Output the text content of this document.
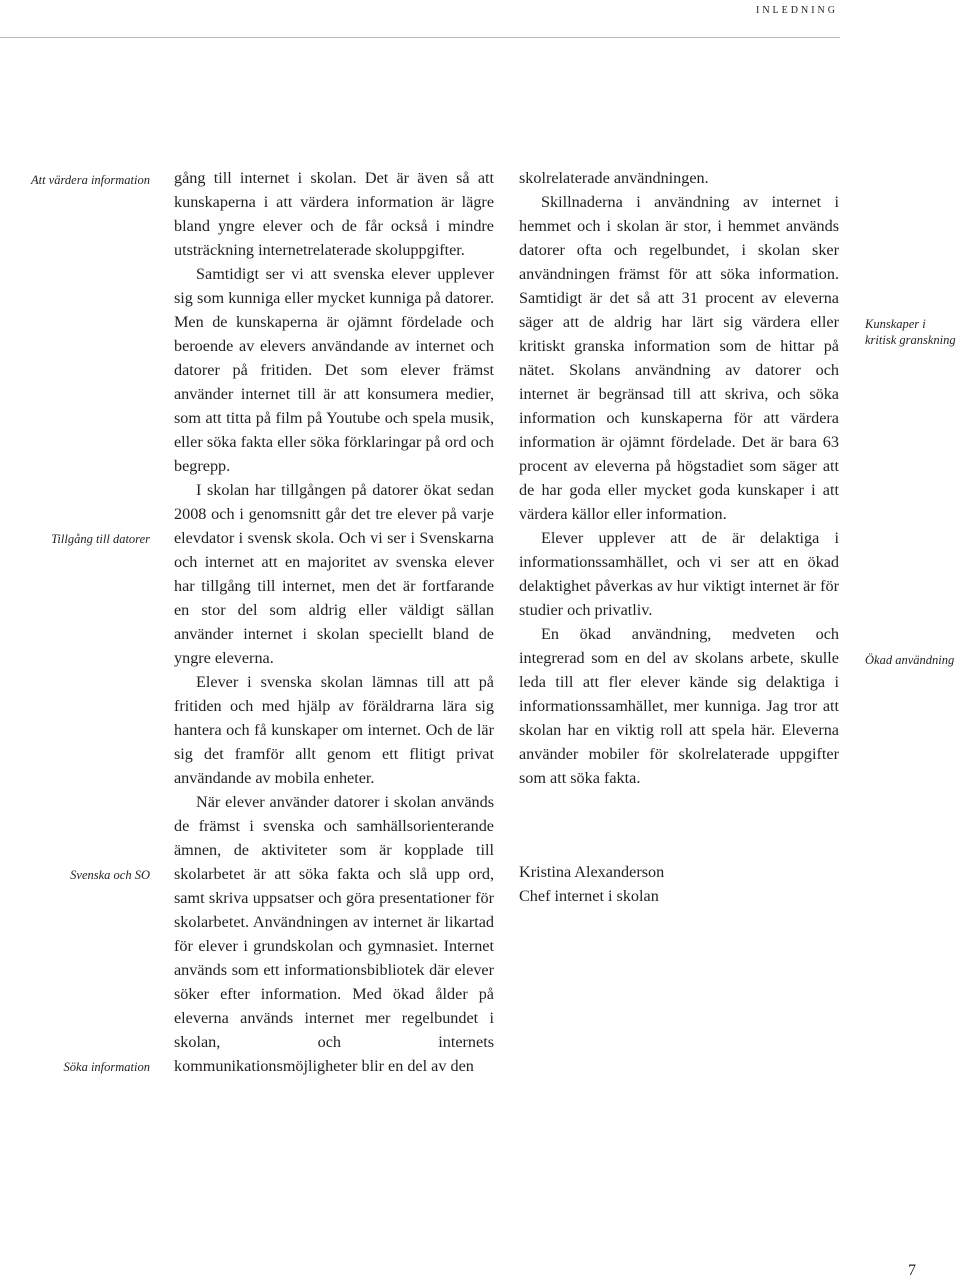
inledning
Att värdera information
Tillgång till datorer
Svenska och SO
Söka information
Kunskaper i kritisk granskning
Ökad användning

gång till internet i skolan. Det är även så att kunskaperna i att värdera information är lägre bland yngre elever och de får också i mindre utsträckning internetrelaterade skoluppgifter.

Samtidigt ser vi att svenska elever upplever sig som kunniga eller mycket kunniga på datorer. Men de kunskaperna är ojämnt fördelade och beroende av elevers användande av internet och datorer på fritiden. Det som elever främst använder internet till är att konsumera medier, som att titta på film på Youtube och spela musik, eller söka fakta eller söka förklaringar på ord och begrepp.

I skolan har tillgången på datorer ökat sedan 2008 och i genomsnitt går det tre elever på varje elevdator i svensk skola. Och vi ser i Svenskarna och internet att en majoritet av svenska elever har tillgång till internet, men det är fortfarande en stor del som aldrig eller väldigt sällan använder internet i skolan speciellt bland de yngre eleverna.

Elever i svenska skolan lämnas till att på fritiden och med hjälp av föräldrarna lära sig hantera och få kunskaper om internet. Och de lär sig det framför allt genom ett flitigt privat användande av mobila enheter.

När elever använder datorer i skolan används de främst i svenska och samhällsorienterande ämnen, de aktiviteter som är kopplade till skolarbetet är att söka fakta och slå upp ord, samt skriva uppsatser och göra presentationer för skolarbetet. Användningen av internet är likartad för elever i grundskolan och gymnasiet. Internet används som ett informationsbibliotek där elever söker efter information. Med ökad ålder på eleverna används internet mer regelbundet i skolan, och internets kommunikationsmöjligheter blir en del av den

skolrelaterade användningen.

Skillnaderna i användning av internet i hemmet och i skolan är stor, i hemmet används datorer ofta och regelbundet, i skolan sker användningen främst för att söka information. Samtidigt är det så att 31 procent av eleverna säger att de aldrig har lärt sig värdera eller kritiskt granska information som de hittar på nätet. Skolans användning av datorer och internet är begränsad till att skriva, och söka information och kunskaperna för att värdera information är ojämnt fördelade. Det är bara 63 procent av eleverna på högstadiet som säger att de har goda eller mycket goda kunskaper i att värdera källor eller information.

Elever upplever att de är delaktiga i informationssamhället, och vi ser att en ökad delaktighet påverkas av hur viktigt internet är för studier och privatliv.

En ökad användning, medveten och integrerad som en del av skolans arbete, skulle leda till att fler elever kände sig delaktiga i informationssamhället, mer kunniga. Jag tror att skolan har en viktig roll att spela här. Eleverna använder mobiler för skolrelaterade uppgifter som att söka fakta.

Kristina Alexanderson
Chef internet i skolan
7
